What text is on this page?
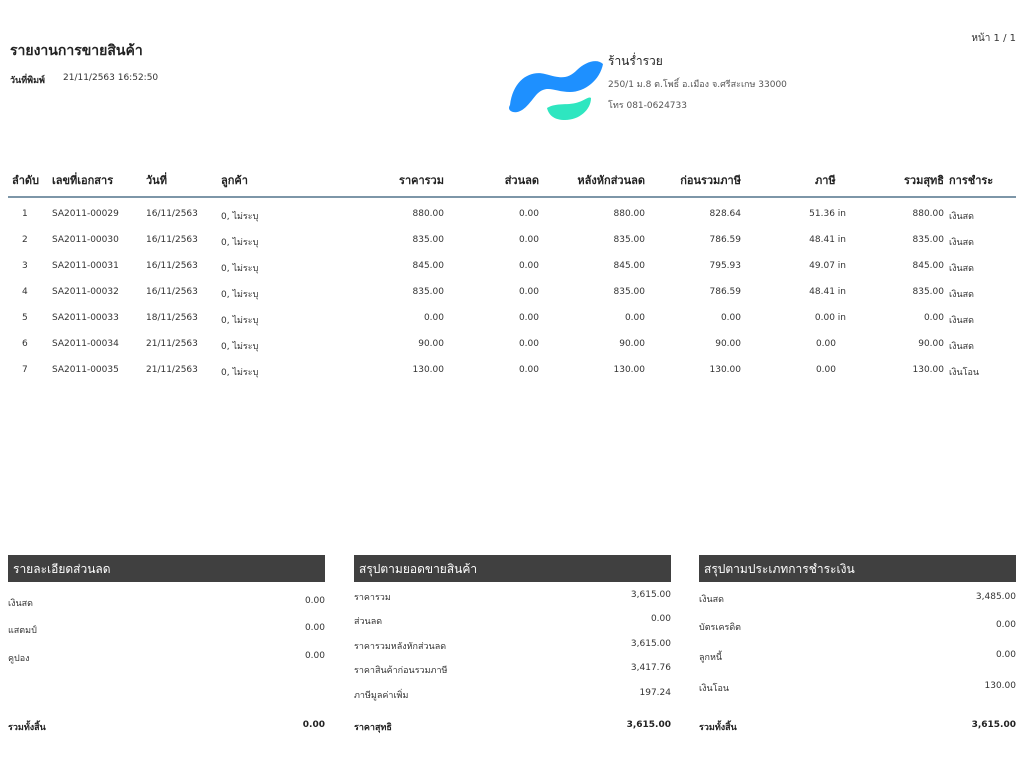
รายงานการขายสินค้า
วันที่พิมพ์ 21/11/2563 16:52:50
หน้า 1 / 1
ร้านร่ำรวย
250/1 ม.8 ต.โพธิ์ อ.เมือง จ.ศรีสะเกษ 33000
โทร 081-0624733
ลำดับ เลขที่เอกสาร	วันที่	ลูกค้า	ราคารวม	ส่วนลด	หลังหักส่วนลด	ก่อนรวมภาษี	ภาษี	รวมสุทธิ การชำระ
1	SA2011-00029	16/11/2563	0, ไม่ระบุ	880.00	0.00	880.00	828.64	51.36 in	880.00 เงินสด
2	SA2011-00030	16/11/2563	0, ไม่ระบุ	835.00	0.00	835.00	786.59	48.41 in	835.00 เงินสด
3	SA2011-00031	16/11/2563	0, ไม่ระบุ	845.00	0.00	845.00	795.93	49.07 in	845.00 เงินสด
4	SA2011-00032	16/11/2563	0, ไม่ระบุ	835.00	0.00	835.00	786.59	48.41 in	835.00 เงินสด
5	SA2011-00033	18/11/2563	0, ไม่ระบุ	0.00	0.00	0.00	0.00	0.00 in	0.00 เงินสด
6	SA2011-00034	21/11/2563	0, ไม่ระบุ	90.00	0.00	90.00	90.00	0.00	90.00 เงินสด
7	SA2011-00035	21/11/2563	0, ไม่ระบุ	130.00	0.00	130.00	130.00	0.00	130.00 เงินโอน
รายละเอียดส่วนลด
เงินสด	0.00
แสตมป์	0.00
คูปอง	0.00
รวมทั้งสิ้น	0.00
สรุปตามยอดขายสินค้า
ราคารวม	3,615.00
ส่วนลด	0.00
ราคารวมหลังหักส่วนลด	3,615.00
ราคาสินค้าก่อนรวมภาษี	3,417.76
ภาษีมูลค่าเพิ่ม	197.24
ราคาสุทธิ	3,615.00
สรุปตามประเภทการชำระเงิน
เงินสด	3,485.00
บัตรเครดิต	0.00
ลูกหนี้	0.00
เงินโอน	130.00
รวมทั้งสิ้น	3,615.00
